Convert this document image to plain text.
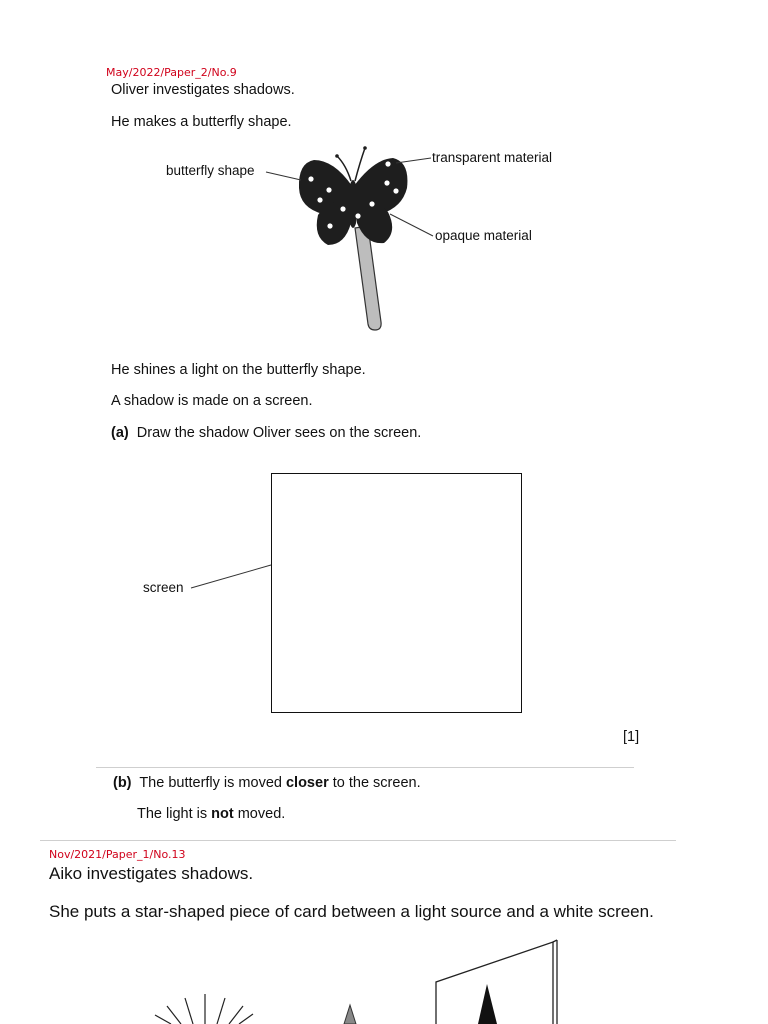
May/2022/Paper_2/No.9
Oliver investigates shadows.
He makes a butterfly shape.
butterfly shape
transparent material
opaque material
He shines a light on the butterfly shape.
A shadow is made on a screen.
(a) Draw the shadow Oliver sees on the screen.
screen
[1]
(b) The butterfly is moved closer to the screen.
The light is not moved.
Nov/2021/Paper_1/No.13
Aiko investigates shadows.
She puts a star-shaped piece of card between a light source and a white screen.
